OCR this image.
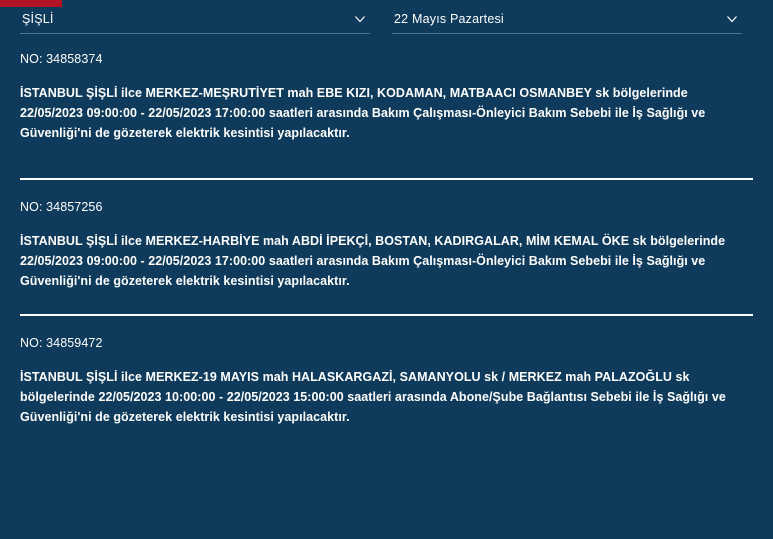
ŞİŞLİ	22 Mayıs Pazartesi

NO: 34858374

İSTANBUL ŞİŞLİ ilce MERKEZ-MEŞRUTİYET mah EBE KIZI, KODAMAN, MATBAACI OSMANBEY sk bölgelerinde 22/05/2023 09:00:00 - 22/05/2023 17:00:00 saatleri arasında Bakım Çalışması-Önleyici Bakım Sebebi ile İş Sağlığı ve Güvenliği'ni de gözeterek elektrik kesintisi yapılacaktır.

NO: 34857256

İSTANBUL ŞİŞLİ ilce MERKEZ-HARBİYE mah ABDİ İPEKÇİ, BOSTAN, KADIRGALAR, MİM KEMAL ÖKE sk bölgelerinde 22/05/2023 09:00:00 - 22/05/2023 17:00:00 saatleri arasında Bakım Çalışması-Önleyici Bakım Sebebi ile İş Sağlığı ve Güvenliği'ni de gözeterek elektrik kesintisi yapılacaktır.

NO: 34859472

İSTANBUL ŞİŞLİ ilce MERKEZ-19 MAYIS mah HALASKARGAZİ, SAMANYOLU sk / MERKEZ mah PALAZOĞLU sk bölgelerinde 22/05/2023 10:00:00 - 22/05/2023 15:00:00 saatleri arasında Abone/Şube Bağlantısı Sebebi ile İş Sağlığı ve Güvenliği'ni de gözeterek elektrik kesintisi yapılacaktır.
